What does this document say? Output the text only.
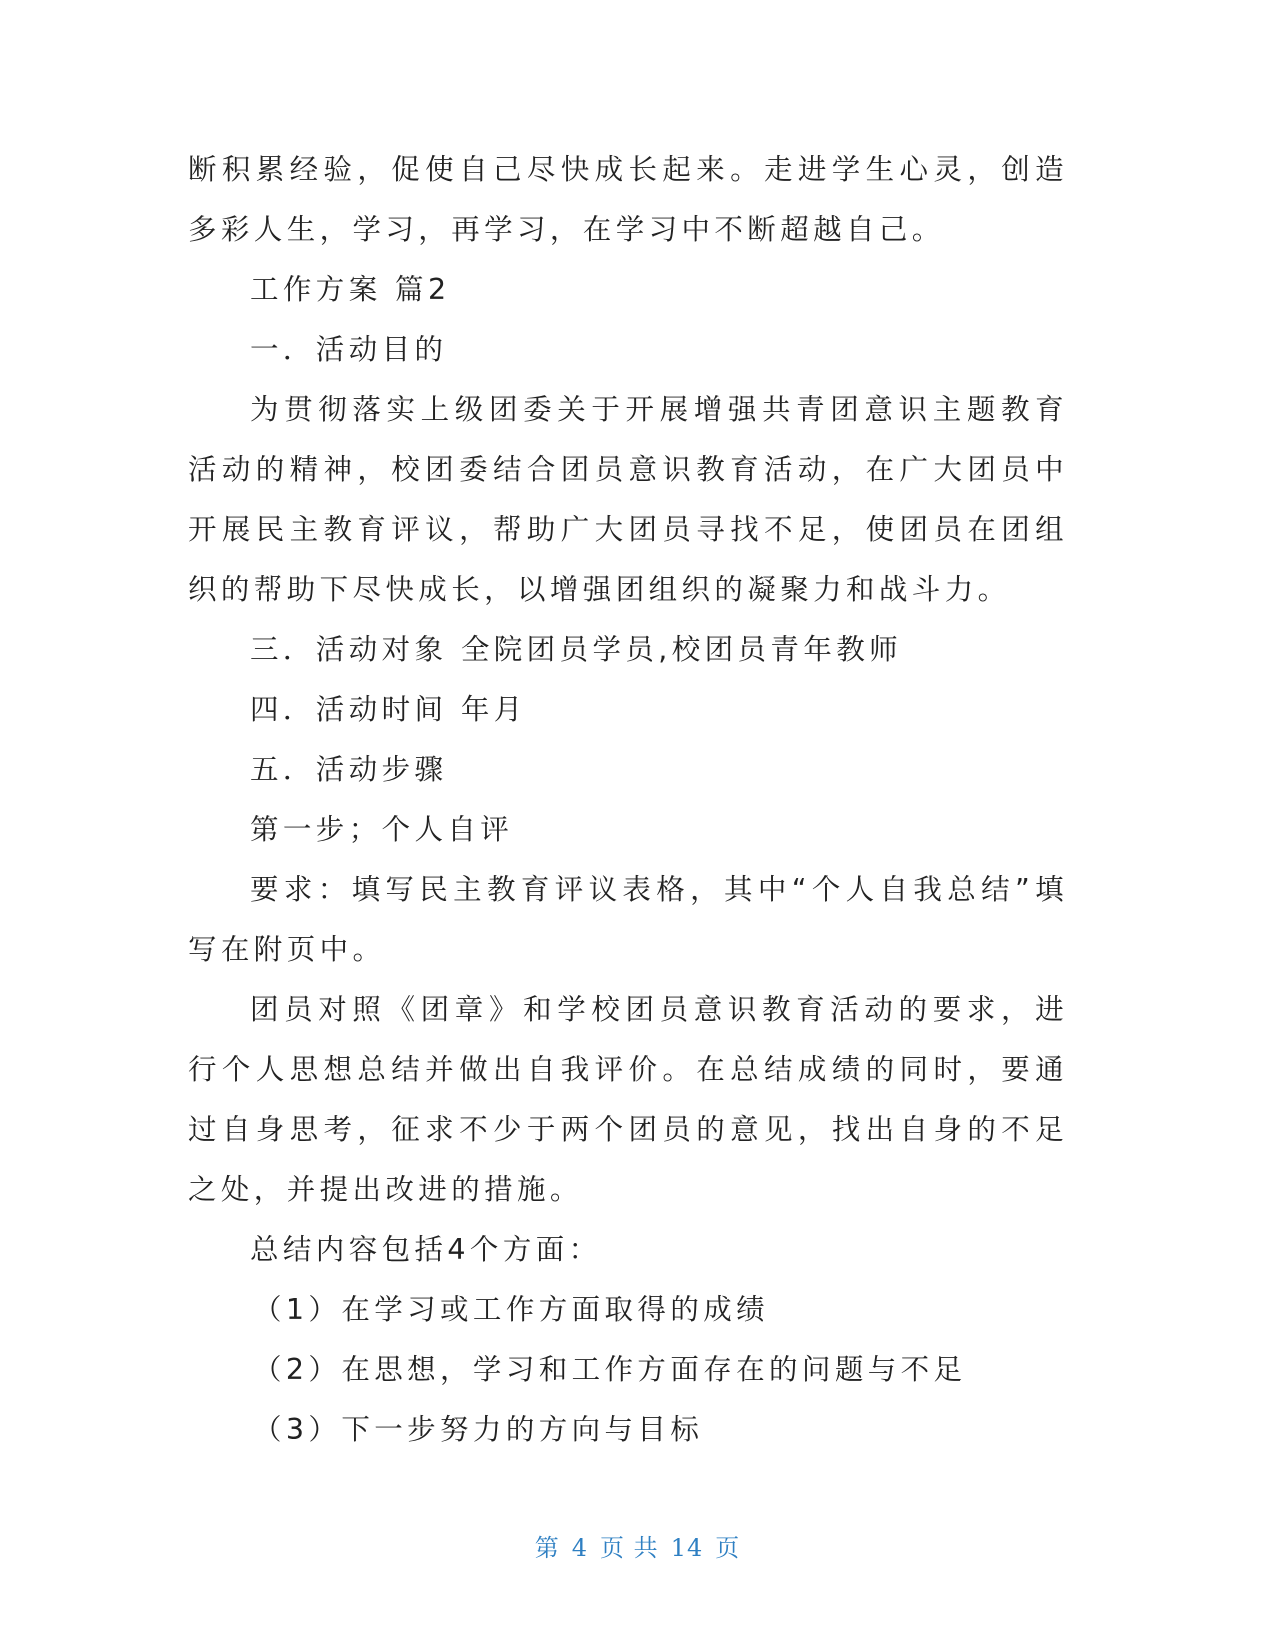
断积累经验，促使自己尽快成长起来。走进学生心灵，创造多彩人生，学习，再学习，在学习中不断超越自己。

工作方案 篇2

一．活动目的

为贯彻落实上级团委关于开展增强共青团意识主题教育活动的精神，校团委结合团员意识教育活动，在广大团员中开展民主教育评议，帮助广大团员寻找不足，使团员在团组织的帮助下尽快成长，以增强团组织的凝聚力和战斗力。

三．活动对象 全院团员学员,校团员青年教师

四．活动时间 年月

五．活动步骤

第一步；个人自评

要求：填写民主教育评议表格，其中“个人自我总结”填写在附页中。

团员对照《团章》和学校团员意识教育活动的要求，进行个人思想总结并做出自我评价。在总结成绩的同时，要通过自身思考，征求不少于两个团员的意见，找出自身的不足之处，并提出改进的措施。

总结内容包括4个方面：

（1）在学习或工作方面取得的成绩

（2）在思想，学习和工作方面存在的问题与不足

（3）下一步努力的方向与目标

第 4 页 共 14 页
